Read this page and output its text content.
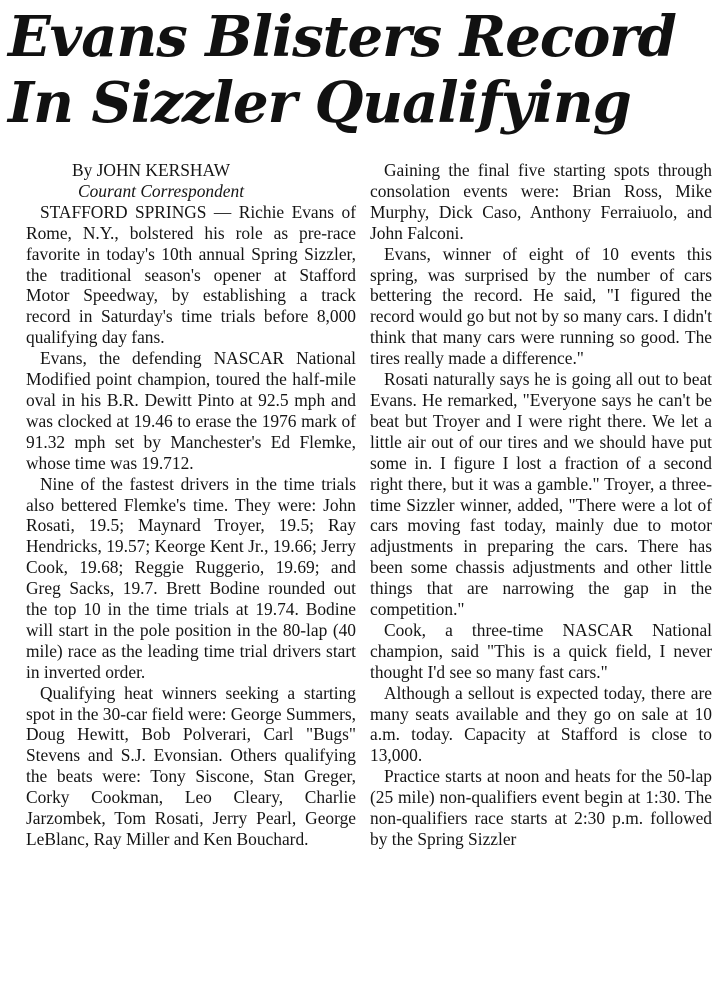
Evans Blisters Record
In Sizzler Qualifying
By JOHN KERSHAW
Courant Correspondent

STAFFORD SPRINGS — Richie Evans of Rome, N.Y., bolstered his role as pre-race favorite in today's 10th annual Spring Sizzler, the traditional season's opener at Stafford Motor Speedway, by establishing a track record in Saturday's time trials before 8,000 qualifying day fans.

Evans, the defending NASCAR National Modified point champion, toured the half-mile oval in his B.R. Dewitt Pinto at 92.5 mph and was clocked at 19.46 to erase the 1976 mark of 91.32 mph set by Manchester's Ed Flemke, whose time was 19.712.

Nine of the fastest drivers in the time trials also bettered Flemke's time. They were: John Rosati, 19.5; Maynard Troyer, 19.5; Ray Hendricks, 19.57; Keorge Kent Jr., 19.66; Jerry Cook, 19.68; Reggie Ruggerio, 19.69; and Greg Sacks, 19.7. Brett Bodine rounded out the top 10 in the time trials at 19.74. Bodine will start in the pole position in the 80-lap (40 mile) race as the leading time trial drivers start in inverted order.

Qualifying heat winners seeking a starting spot in the 30-car field were: George Summers, Doug Hewitt, Bob Polverari, Carl "Bugs" Stevens and S.J. Evonsian. Others qualifying the beats were: Tony Siscone, Stan Greger, Corky Cookman, Leo Cleary, Charlie Jarzombek, Tom Rosati, Jerry Pearl, George LeBlanc, Ray Miller and Ken Bouchard.

Gaining the final five starting spots through consolation events were: Brian Ross, Mike Murphy, Dick Caso, Anthony Ferraiuolo, and John Falconi.

Evans, winner of eight of 10 events this spring, was surprised by the number of cars bettering the record. He said, "I figured the record would go but not by so many cars. I didn't think that many cars were running so good. The tires really made a difference."

Rosati naturally says he is going all out to beat Evans. He remarked, "Everyone says he can't be beat but Troyer and I were right there. We let a little air out of our tires and we should have put some in. I figure I lost a fraction of a second right there, but it was a gamble." Troyer, a three-time Sizzler winner, added, "There were a lot of cars moving fast today, mainly due to motor adjustments in preparing the cars. There has been some chassis adjustments and other little things that are narrowing the gap in the competition."

Cook, a three-time NASCAR National champion, said "This is a quick field, I never thought I'd see so many fast cars."

Although a sellout is expected today, there are many seats available and they go on sale at 10 a.m. today. Capacity at Stafford is close to 13,000.

Practice starts at noon and heats for the 50-lap (25 mile) non-qualifiers event begin at 1:30. The non-qualifiers race starts at 2:30 p.m. followed by the Spring Sizzler
